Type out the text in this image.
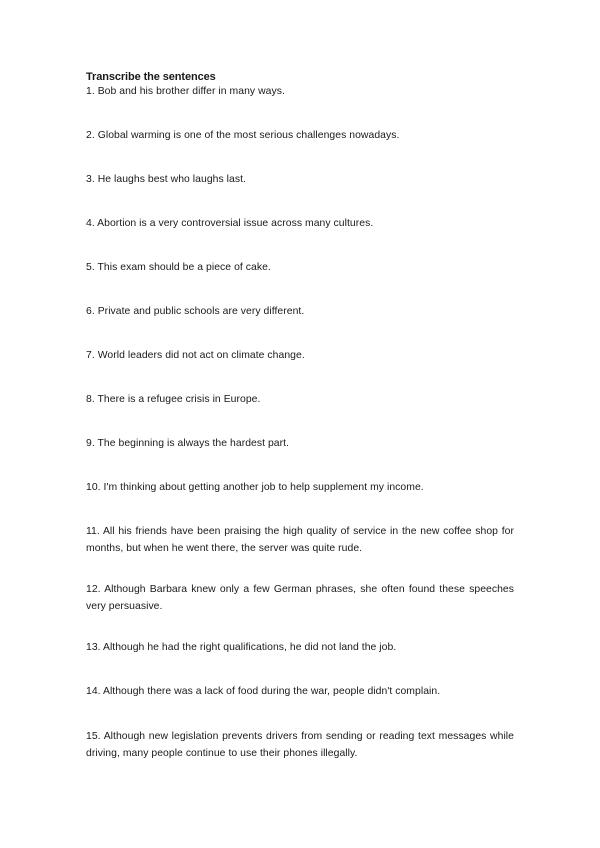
Transcribe the sentences
1. Bob and his brother differ in many ways.
2. Global warming is one of the most serious challenges nowadays.
3. He laughs best who laughs last.
4. Abortion is a very controversial issue across many cultures.
5. This exam should be a piece of cake.
6. Private and public schools are very different.
7. World leaders did not act on climate change.
8. There is a refugee crisis in Europe.
9. The beginning is always the hardest part.
10. I'm thinking about getting another job to help supplement my income.
11. All his friends have been praising the high quality of service in the new coffee shop for months, but when he went there, the server was quite rude.
12. Although Barbara knew only a few German phrases, she often found these speeches very persuasive.
13. Although he had the right qualifications, he did not land the job.
14. Although there was a lack of food during the war, people didn't complain.
15. Although new legislation prevents drivers from sending or reading text messages while driving, many people continue to use their phones illegally.
